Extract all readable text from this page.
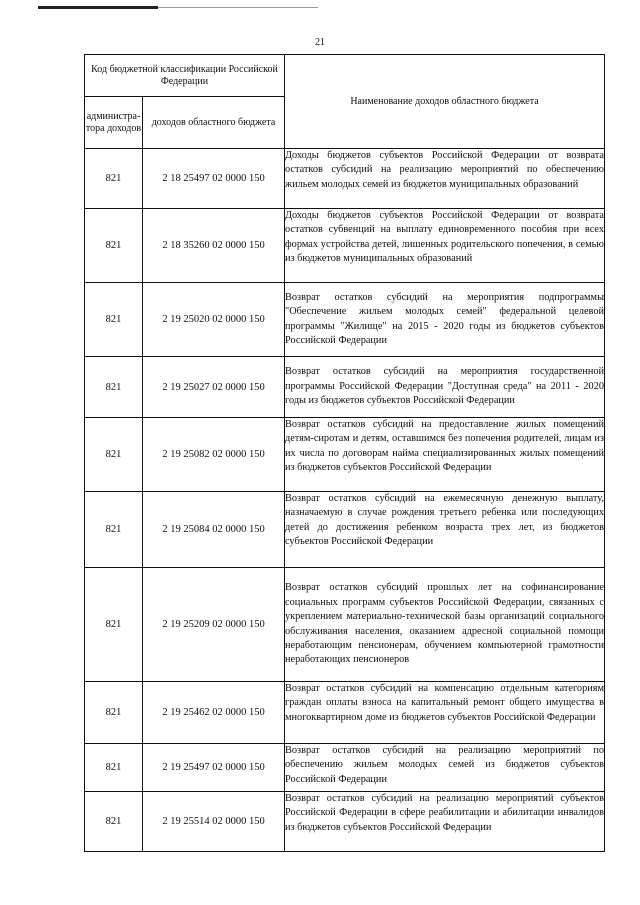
21
Код бюджетной классификации Российской Федерации		Наименование доходов областного бюджета
администра-тора доходов	доходов областного бюджета	
821	2 18 25497 02 0000 150	Доходы бюджетов субъектов Российской Федерации от возврата остатков субсидий на реализацию мероприятий по обеспечению жильем молодых семей из бюджетов муниципальных образований
821	2 18 35260 02 0000 150	Доходы бюджетов субъектов Российской Федерации от возврата остатков субвенций на выплату единовременного пособия при всех формах устройства детей, лишенных родительского попечения, в семью из бюджетов муниципальных образований
821	2 19 25020 02 0000 150	Возврат остатков субсидий на мероприятия подпрограммы "Обеспечение жильем молодых семей" федеральной целевой программы "Жилище" на 2015 - 2020 годы из бюджетов субъектов Российской Федерации
821	2 19 25027 02 0000 150	Возврат остатков субсидий на мероприятия государственной программы Российской Федерации "Доступная среда" на 2011 - 2020 годы из бюджетов субъектов Российской Федерации
821	2 19 25082 02 0000 150	Возврат остатков субсидий на предоставление жилых помещений детям-сиротам и детям, оставшимся без попечения родителей, лицам из их числа по договорам найма специализированных жилых помещений из бюджетов субъектов Российской Федерации
821	2 19 25084 02 0000 150	Возврат остатков субсидий на ежемесячную денежную выплату, назначаемую в случае рождения третьего ребенка или последующих детей до достижения ребенком возраста трех лет, из бюджетов субъектов Российской Федерации
821	2 19 25209 02 0000 150	Возврат остатков субсидий прошлых лет на софинансирование социальных программ субъектов Российской Федерации, связанных с укреплением материально-технической базы организаций социального обслуживания населения, оказанием адресной социальной помощи неработающим пенсионерам, обучением компьютерной грамотности неработающих пенсионеров
821	2 19 25462 02 0000 150	Возврат остатков субсидий на компенсацию отдельным категориям граждан оплаты взноса на капитальный ремонт общего имущества в многоквартирном доме из бюджетов субъектов Российской Федерации
821	2 19 25497 02 0000 150	Возврат остатков субсидий на реализацию мероприятий по обеспечению жильем молодых семей из бюджетов субъектов Российской Федерации
821	2 19 25514 02 0000 150	Возврат остатков субсидий на реализацию мероприятий субъектов Российской Федерации в сфере реабилитации и абилитации инвалидов из бюджетов субъектов Российской Федерации
